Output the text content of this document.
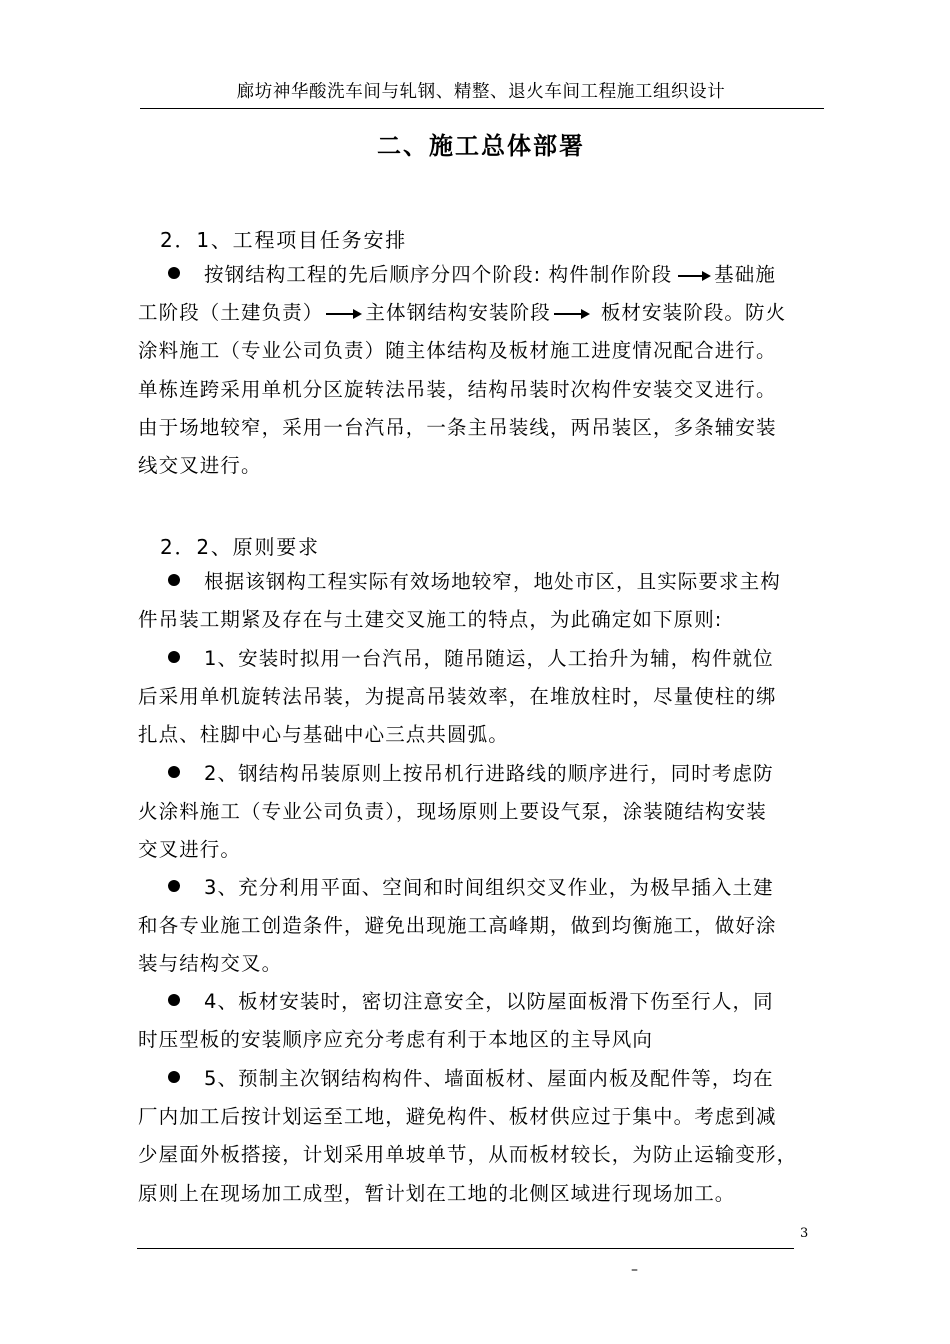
廊坊神华酸洗车间与轧钢、精整、退火车间工程施工组织设计
二、施工总体部署
2．1、工程项目任务安排
按钢结构工程的先后顺序分四个阶段: 构件制作阶段 基础施
工阶段（土建负责） 主体钢结构安装阶段	板材安装阶段。防火
涂料施工（专业公司负责）随主体结构及板材施工进度情况配合进行。
单栋连跨采用单机分区旋转法吊装，结构吊装时次构件安装交叉进行。
由于场地较窄，采用一台汽吊，一条主吊装线，两吊装区，多条辅安装
线交叉进行。
2．2、原则要求
根据该钢构工程实际有效场地较窄，地处市区，且实际要求主构
件吊装工期紧及存在与土建交叉施工的特点，为此确定如下原则:
1、安装时拟用一台汽吊，随吊随运，人工抬升为辅，构件就位
后采用单机旋转法吊装，为提高吊装效率，在堆放柱时，尽量使柱的绑
扎点、柱脚中心与基础中心三点共圆弧。
2、钢结构吊装原则上按吊机行进路线的顺序进行，同时考虑防
火涂料施工（专业公司负责），现场原则上要设气泵，涂装随结构安装
交叉进行。
3、充分利用平面、空间和时间组织交叉作业，为极早插入土建
和各专业施工创造条件，避免出现施工高峰期，做到均衡施工，做好涂
装与结构交叉。
4、板材安装时，密切注意安全，以防屋面板滑下伤至行人，同
时压型板的安装顺序应充分考虑有利于本地区的主导风向
5、预制主次钢结构构件、墙面板材、屋面内板及配件等，均在
厂内加工后按计划运至工地，避免构件、板材供应过于集中。考虑到减
少屋面外板搭接，计划采用单坡单节，从而板材较长，为防止运输变形，
原则上在现场加工成型，暂计划在工地的北侧区域进行现场加工。
3
–
